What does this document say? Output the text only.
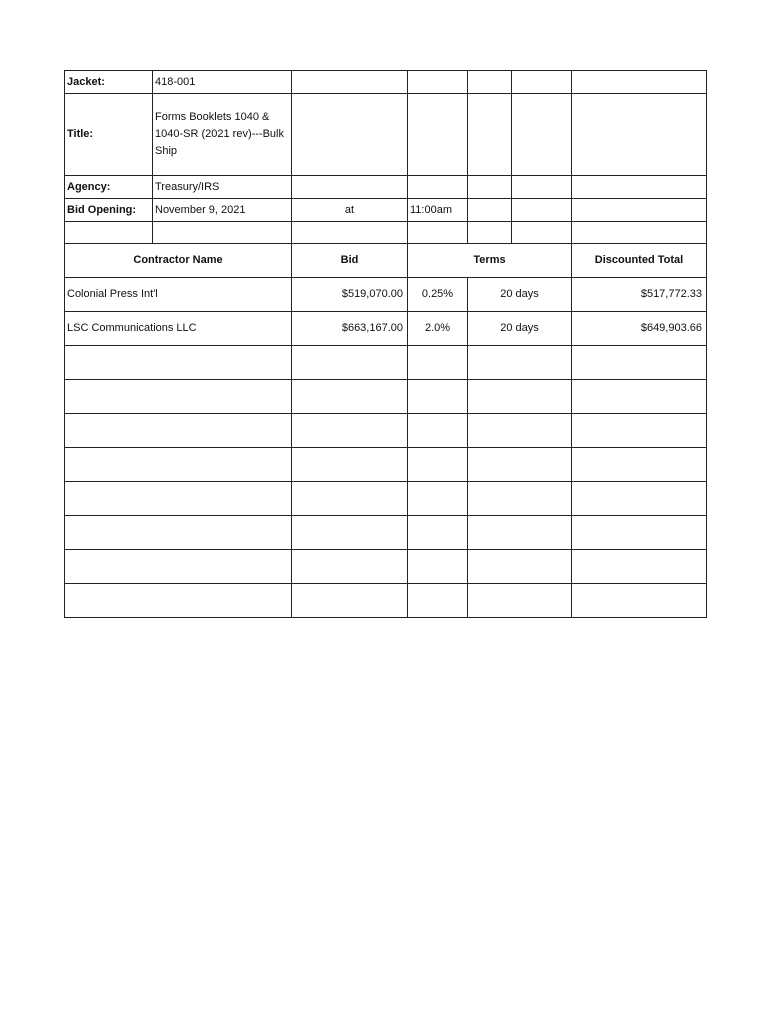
Jacket:	418-001					
Title:	Forms Booklets 1040 & 1040-SR (2021 rev)---Bulk Ship					
Agency:	Treasury/IRS					
Bid Opening:	November 9, 2021	at	11:00am			

Contractor Name		Bid	Terms			Discounted Total
Colonial Press Int'l		$519,070.00	0.25%	20 days		$517,772.33
LSC Communications LLC		$663,167.00	2.0%	20 days		$649,903.66
